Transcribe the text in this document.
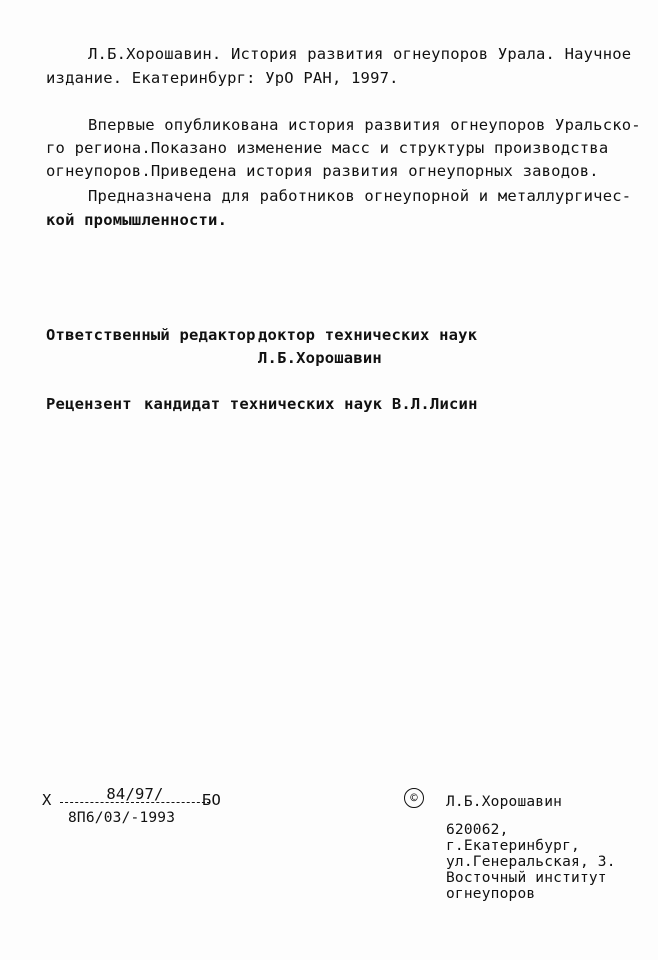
Л.Б.Хорошавин. История развития огнеупоров Урала. Научное
издание. Екатеринбург: УрО РАН, 1997.
Впервые опубликована история развития огнеупоров Уральско-
го региона.Показано изменение масс и структуры производства
огнеупоров.Приведена история развития огнеупорных заводов.
Предназначена для работников огнеупорной и металлургичес-
кой промышленности.
Ответственный редактор доктор технических наук
Л.Б.Хорошавин
Рецензент кандидат технических наук В.Л.Лисин
Х	84/97/	БО
8П6/03/-1993
©	Л.Б.Хорошавин
620062,
г.Екатеринбург,
ул.Генеральская, 3.
Восточный институт
огнеупоров
